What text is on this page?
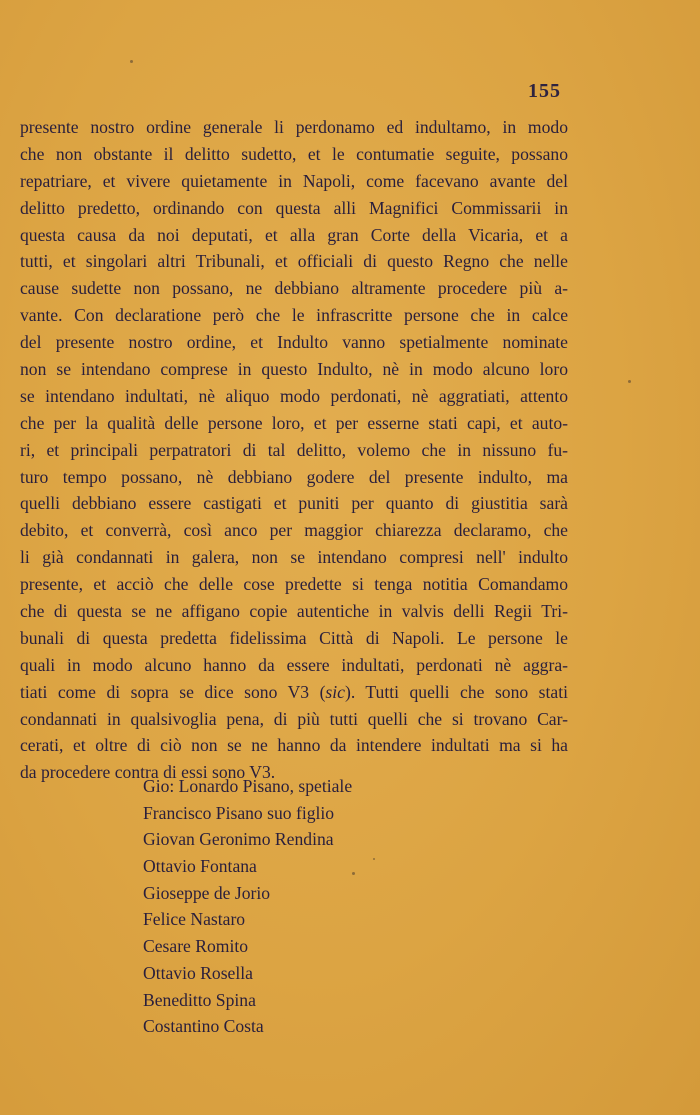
155
presente nostro ordine generale li perdonamo ed indultamo, in modo
che non obstante il delitto sudetto, et le contumatie seguite, possano
repatriare, et vivere quietamente in Napoli, come facevano avante del
delitto predetto, ordinando con questa alli Magnifici Commissarii in
questa causa da noi deputati, et alla gran Corte della Vicaria, et a
tutti, et singolari altri Tribunali, et officiali di questo Regno che nelle
cause sudette non possano, ne debbiano altramente procedere più a-
vante. Con declaratione però che le infrascritte persone che in calce
del presente nostro ordine, et Indulto vanno spetialmente nominate
non se intendano comprese in questo Indulto, nè in modo alcuno loro
se intendano indultati, nè aliquo modo perdonati, nè aggratiati, attento
che per la qualità delle persone loro, et per esserne stati capi, et auto-
ri, et principali perpatratori di tal delitto, volemo che in nissuno fu-
turo tempo possano, nè debbiano godere del presente indulto, ma
quelli debbiano essere castigati et puniti per quanto di giustitia sarà
debito, et converrà, così anco per maggior chiarezza declaramo, che
li già condannati in galera, non se intendano compresi nell' indulto
presente, et acciò che delle cose predette si tenga notitia Comandamo
che di questa se ne affigano copie autentiche in valvis delli Regii Tri-
bunali di questa predetta fidelissima Città di Napoli. Le persone le
quali in modo alcuno hanno da essere indultati, perdonati nè aggra-
tiati come di sopra se dice sono V3 (sic). Tutti quelli che sono stati
condannati in qualsivoglia pena, di più tutti quelli che si trovano Car-
cerati, et oltre di ciò non se ne hanno da intendere indultati ma si ha
da procedere contra di essi sono V3.
Gio: Lonardo Pisano, spetiale
Francisco Pisano suo figlio
Giovan Geronimo Rendina
Ottavio Fontana
Gioseppe de Jorio
Felice Nastaro
Cesare Romito
Ottavio Rosella
Beneditto Spina
Costantino Costa
